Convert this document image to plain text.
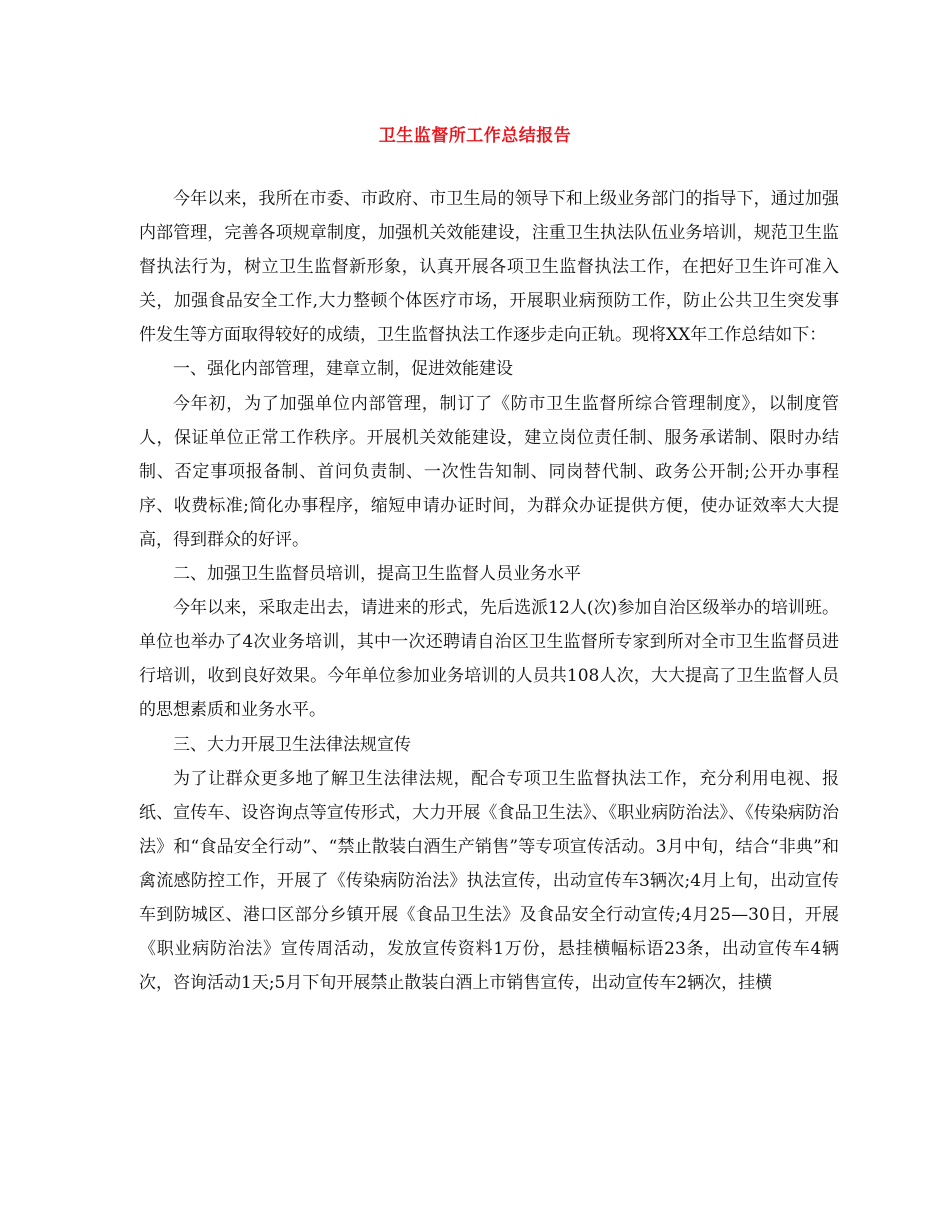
卫生监督所工作总结报告

今年以来，我所在市委、市政府、市卫生局的领导下和上级业务部门的指导下，通过加强内部管理，完善各项规章制度，加强机关效能建设，注重卫生执法队伍业务培训，规范卫生监督执法行为，树立卫生监督新形象，认真开展各项卫生监督执法工作，在把好卫生许可准入关，加强食品安全工作,大力整顿个体医疗市场，开展职业病预防工作，防止公共卫生突发事件发生等方面取得较好的成绩，卫生监督执法工作逐步走向正轨。现将XX年工作总结如下：

一、强化内部管理，建章立制，促进效能建设

今年初，为了加强单位内部管理，制订了《防市卫生监督所综合管理制度》，以制度管人，保证单位正常工作秩序。开展机关效能建设，建立岗位责任制、服务承诺制、限时办结制、否定事项报备制、首问负责制、一次性告知制、同岗替代制、政务公开制;公开办事程序、收费标准;简化办事程序，缩短申请办证时间，为群众办证提供方便，使办证效率大大提高，得到群众的好评。

二、加强卫生监督员培训，提高卫生监督人员业务水平

今年以来，采取走出去，请进来的形式，先后选派12人(次)参加自治区级举办的培训班。单位也举办了4次业务培训，其中一次还聘请自治区卫生监督所专家到所对全市卫生监督员进行培训，收到良好效果。今年单位参加业务培训的人员共108人次，大大提高了卫生监督人员的思想素质和业务水平。

三、大力开展卫生法律法规宣传

为了让群众更多地了解卫生法律法规，配合专项卫生监督执法工作，充分利用电视、报纸、宣传车、设咨询点等宣传形式，大力开展《食品卫生法》、《职业病防治法》、《传染病防治法》和“食品安全行动”、“禁止散装白酒生产销售”等专项宣传活动。3月中旬，结合“非典”和禽流感防控工作，开展了《传染病防治法》执法宣传，出动宣传车3辆次;4月上旬，出动宣传车到防城区、港口区部分乡镇开展《食品卫生法》及食品安全行动宣传;4月25—30日，开展《职业病防治法》宣传周活动，发放宣传资料1万份，悬挂横幅标语23条，出动宣传车4辆次，咨询活动1天;5月下旬开展禁止散装白酒上市销售宣传，出动宣传车2辆次，挂横
